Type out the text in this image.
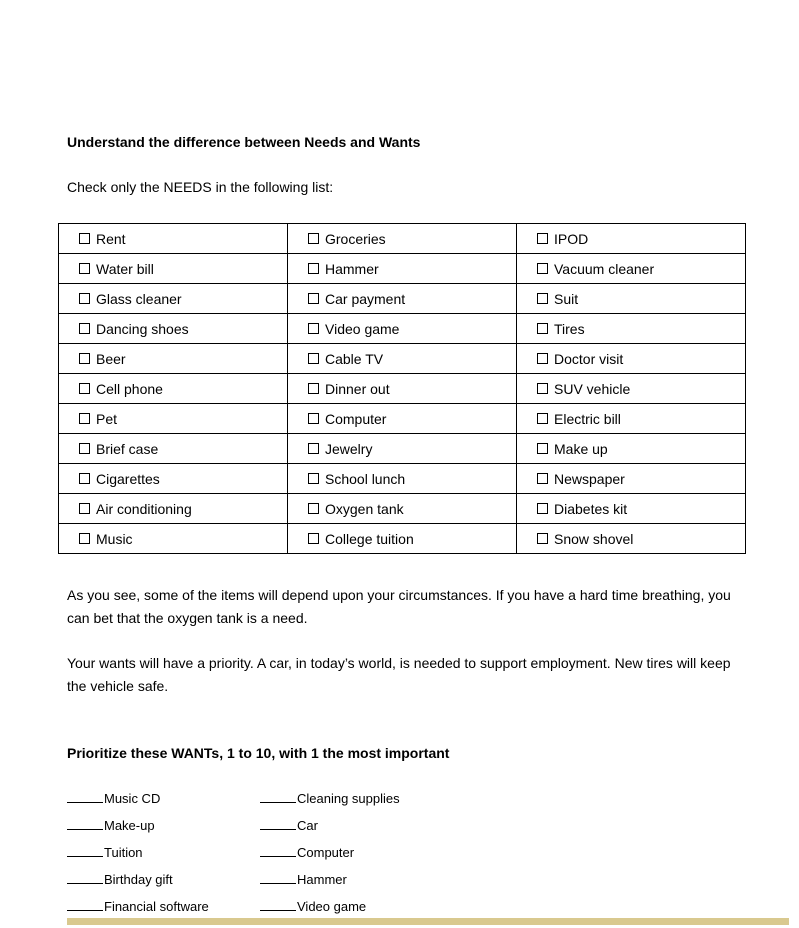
Understand the difference between Needs and Wants
Check only the NEEDS in the following list:
Rent	Groceries	IPOD
Water bill	Hammer	Vacuum cleaner
Glass cleaner	Car payment	Suit
Dancing shoes	Video game	Tires
Beer	Cable TV	Doctor visit
Cell phone	Dinner out	SUV vehicle
Pet	Computer	Electric bill
Brief case	Jewelry	Make up
Cigarettes	School lunch	Newspaper
Air conditioning	Oxygen tank	Diabetes kit
Music	College tuition	Snow shovel
As you see, some of the items will depend upon your circumstances. If you have a hard time breathing, you can bet that the oxygen tank is a need.
Your wants will have a priority. A car, in today’s world, is needed to support employment. New tires will keep the vehicle safe.
Prioritize these WANTs, 1 to 10, with 1 the most important
Music CD
Make-up
Tuition
Birthday gift
Financial software
Cleaning supplies
Car
Computer
Hammer
Video game
